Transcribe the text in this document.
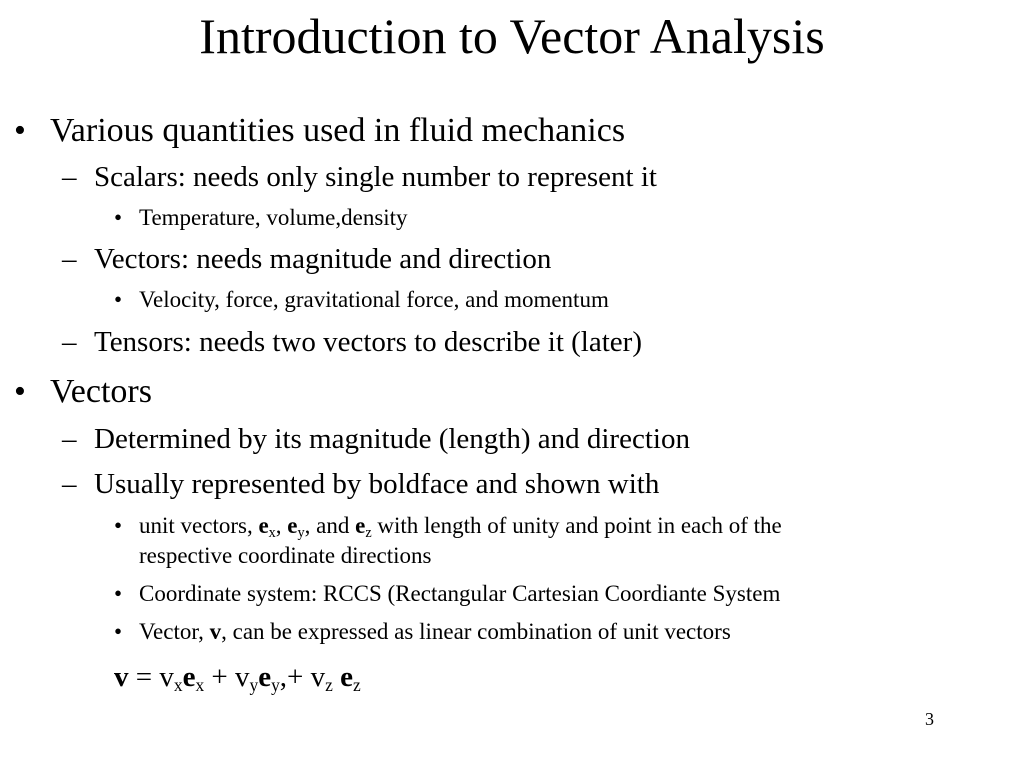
Introduction to Vector Analysis
• Various quantities used in fluid mechanics
– Scalars: needs only single number to represent it
• Temperature, volume,density
– Vectors: needs magnitude and direction
• Velocity, force, gravitational force, and momentum
– Tensors: needs two vectors to describe it (later)
• Vectors
– Determined by its magnitude (length) and direction
– Usually represented by boldface and shown with
• unit vectors, $e_x$, $e_y$, and $e_z$ with length of unity and point in each of the
respective coordinate directions
• Coordinate system: RCCS (Rectangular Cartesian Coordiante System
• Vector, v, can be expressed as linear combination of unit vectors
$v = v_xe_x + v_ye_y,+ v_z$ $e_z$
3
